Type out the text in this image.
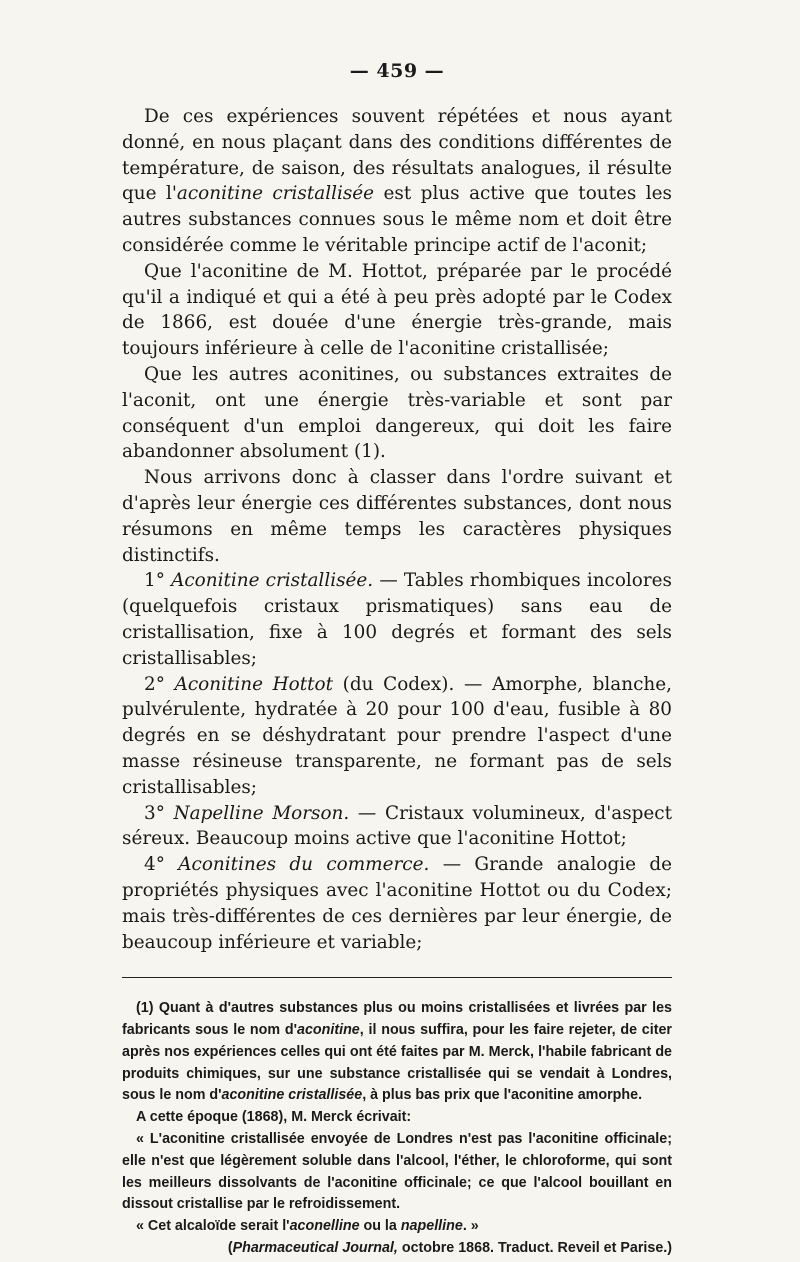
— 459 —

De ces expériences souvent répétées et nous ayant donné, en nous plaçant dans des conditions différentes de température, de saison, des résultats analogues, il résulte que l'aconitine cristallisée est plus active que toutes les autres substances connues sous le même nom et doit être considérée comme le véritable principe actif de l'aconit;

Que l'aconitine de M. Hottot, préparée par le procédé qu'il a indiqué et qui a été à peu près adopté par le Codex de 1866, est douée d'une énergie très-grande, mais toujours inférieure à celle de l'aconitine cristallisée;

Que les autres aconitines, ou substances extraites de l'aconit, ont une énergie très-variable et sont par conséquent d'un emploi dangereux, qui doit les faire abandonner absolument (1).

Nous arrivons donc à classer dans l'ordre suivant et d'après leur énergie ces différentes substances, dont nous résumons en même temps les caractères physiques distinctifs.

1° Aconitine cristallisée. — Tables rhombiques incolores (quelquefois cristaux prismatiques) sans eau de cristallisation, fixe à 100 degrés et formant des sels cristallisables;

2° Aconitine Hottot (du Codex). — Amorphe, blanche, pulvérulente, hydratée à 20 pour 100 d'eau, fusible à 80 degrés en se déshydratant pour prendre l'aspect d'une masse résineuse transparente, ne formant pas de sels cristallisables;

3° Napelline Morson. — Cristaux volumineux, d'aspect séreux. Beaucoup moins active que l'aconitine Hottot;

4° Aconitines du commerce. — Grande analogie de propriétés physiques avec l'aconitine Hottot ou du Codex; mais très-différentes de ces dernières par leur énergie, de beaucoup inférieure et variable;

(1) Quant à d'autres substances plus ou moins cristallisées et livrées par les fabricants sous le nom d'aconitine, il nous suffira, pour les faire rejeter, de citer après nos expériences celles qui ont été faites par M. Merck, l'habile fabricant de produits chimiques, sur une substance cristallisée qui se vendait à Londres, sous le nom d'aconitine cristallisée, à plus bas prix que l'aconitine amorphe.

A cette époque (1868), M. Merck écrivait:

« L'aconitine cristallisée envoyée de Londres n'est pas l'aconitine officinale; elle n'est que légèrement soluble dans l'alcool, l'éther, le chloroforme, qui sont les meilleurs dissolvants de l'aconitine officinale; ce que l'alcool bouillant en dissout cristallise par le refroidissement.

« Cet alcaloïde serait l'aconelline ou la napelline. »

(Pharmaceutical Journal, octobre 1868. Traduct. Reveil et Parise.)
